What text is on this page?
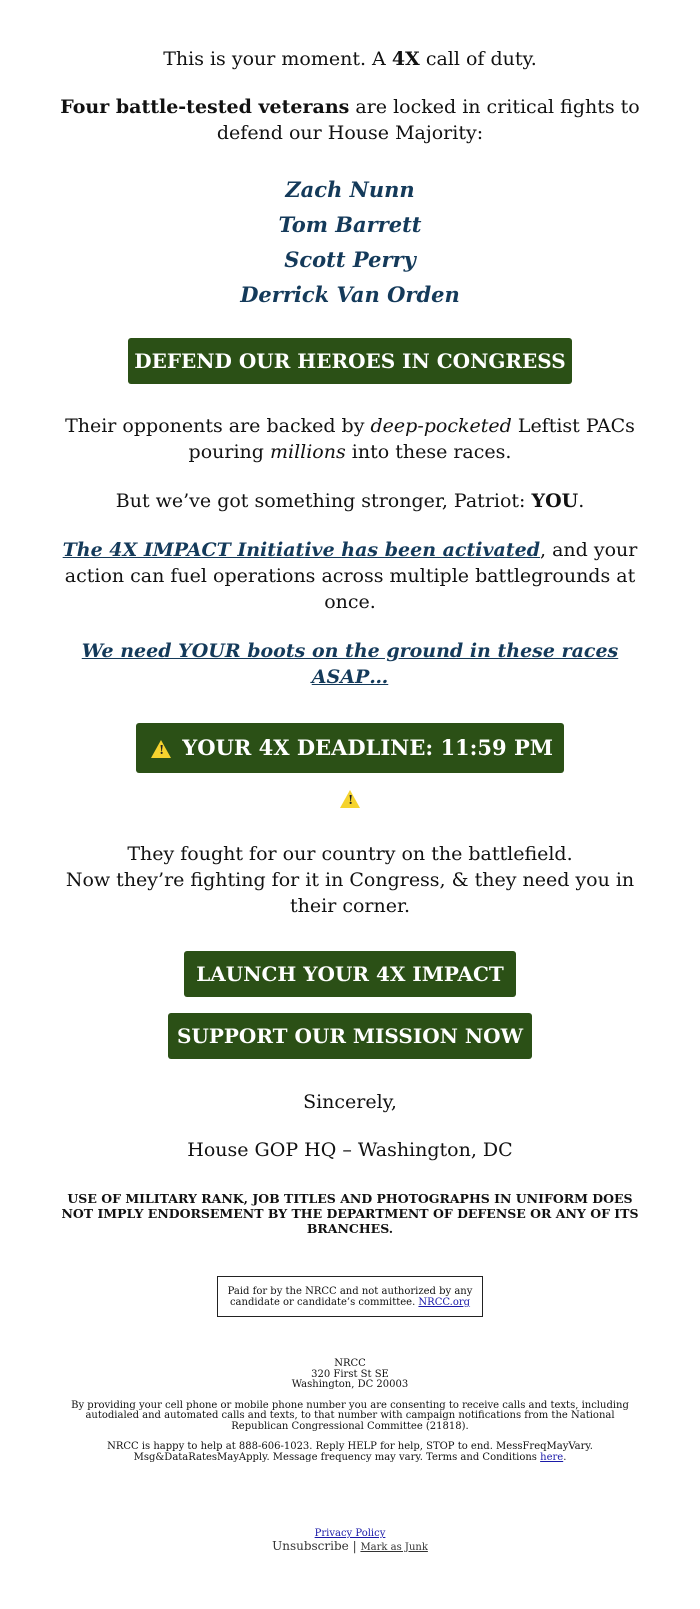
This is your moment. A 4X call of duty.

Four battle-tested veterans are locked in critical fights to defend our House Majority:

Zach Nunn
Tom Barrett
Scott Perry
Derrick Van Orden
DEFEND OUR HEROES IN CONGRESS

Their opponents are backed by deep-pocketed Leftist PACs pouring millions into these races.

But we’ve got something stronger, Patriot: YOU.

The 4X IMPACT Initiative has been activated, and your action can fuel operations across multiple battlegrounds at once.

We need YOUR boots on the ground in these races ASAP…

! YOUR 4X DEADLINE: 11:59 PM
!

They fought for our country on the battlefield.
Now they’re fighting for it in Congress, & they need you in their corner.

LAUNCH YOUR 4X IMPACT
SUPPORT OUR MISSION NOW

Sincerely,

House GOP HQ – Washington, DC

USE OF MILITARY RANK, JOB TITLES AND PHOTOGRAPHS IN UNIFORM DOES NOT IMPLY ENDORSEMENT BY THE DEPARTMENT OF DEFENSE OR ANY OF ITS BRANCHES.

Paid for by the NRCC and not authorized by any candidate or candidate’s committee. NRCC.org
NRCC
320 First St SE
Washington, DC 20003
By providing your cell phone or mobile phone number you are consenting to receive calls and texts, including autodialed and automated calls and texts, to that number with campaign notifications from the National Republican Congressional Committee (21818).
NRCC is happy to help at 888-606-1023. Reply HELP for help, STOP to end. MessFreqMayVary. Msg&DataRatesMayApply. Message frequency may vary. Terms and Conditions here.
Privacy Policy
Unsubscribe | Mark as Junk
